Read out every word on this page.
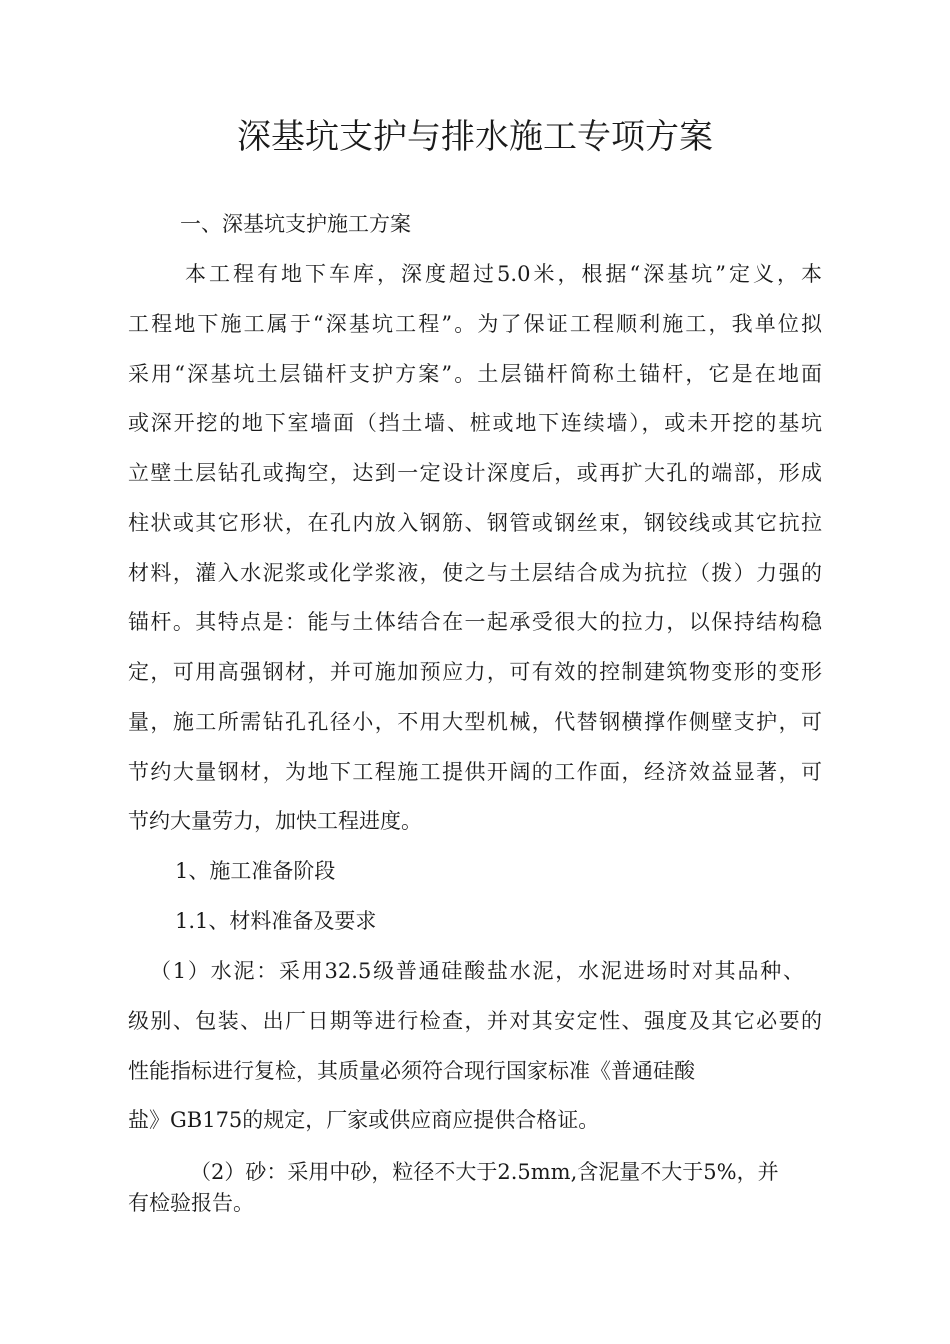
深基坑支护与排水施工专项方案
一、深基坑支护施工方案
本工程有地下车库，深度超过5.0米，根据“深基坑”定义，本
工程地下施工属于“深基坑工程”。为了保证工程顺利施工，我单位拟
采用“深基坑土层锚杆支护方案”。土层锚杆简称土锚杆，它是在地面
或深开挖的地下室墙面（挡土墙、桩或地下连续墙），或未开挖的基坑
立壁土层钻孔或掏空，达到一定设计深度后，或再扩大孔的端部，形成
柱状或其它形状，在孔内放入钢筋、钢管或钢丝束，钢铰线或其它抗拉
材料，灌入水泥浆或化学浆液，使之与土层结合成为抗拉（拨）力强的
锚杆。其特点是：能与土体结合在一起承受很大的拉力，以保持结构稳
定，可用高强钢材，并可施加预应力，可有效的控制建筑物变形的变形
量，施工所需钻孔孔径小，不用大型机械，代替钢横撑作侧壁支护，可
节约大量钢材，为地下工程施工提供开阔的工作面，经济效益显著，可
节约大量劳力，加快工程进度。
1、施工准备阶段
1.1、材料准备及要求
（1）水泥：采用32.5级普通硅酸盐水泥，水泥进场时对其品种、
级别、包装、出厂日期等进行检查，并对其安定性、强度及其它必要的
性能指标进行复检，其质量必须符合现行国家标准《普通硅酸
盐》GB175的规定，厂家或供应商应提供合格证。
（2）砂：采用中砂，粒径不大于2.5mm,含泥量不大于5%，并
有检验报告。
